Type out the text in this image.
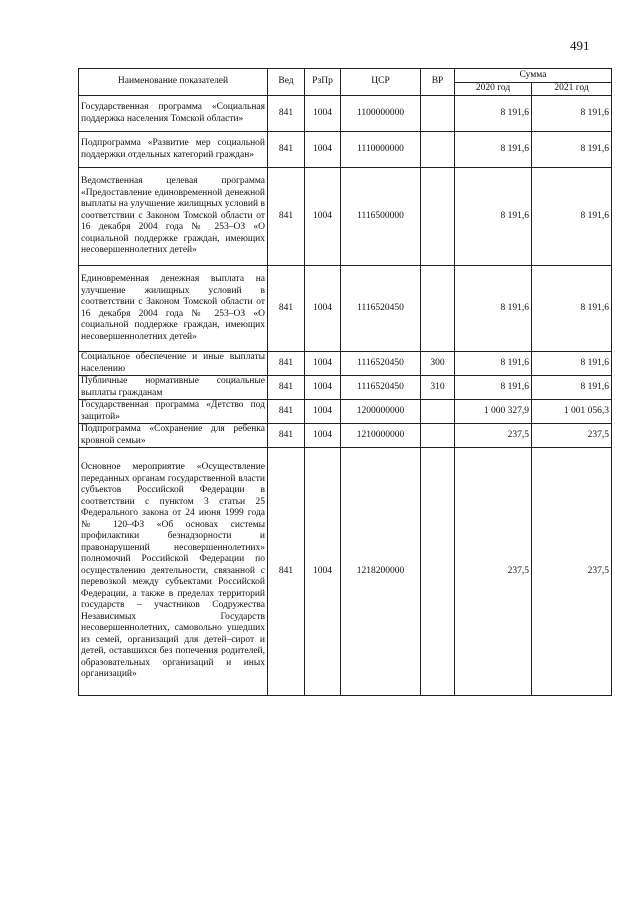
491
Наименование показателей	Вед	РзПр	ЦСР	ВР	Сумма	
					2020 год	2021 год
Государственная программа «Социальная поддержка населения Томской области»	841	1004	1100000000		8 191,6	8 191,6
Подпрограмма «Развитие мер социальной поддержки отдельных категорий граждан»	841	1004	1110000000		8 191,6	8 191,6
Ведомственная целевая программа «Предоставление единовременной денежной выплаты на улучшение жилищных условий в соответствии с Законом Томской области от 16 декабря 2004 года № 253–ОЗ «О социальной поддержке граждан, имеющих несовершеннолетних детей»	841	1004	1116500000		8 191,6	8 191,6
Единовременная денежная выплата на улучшение жилищных условий в соответствии с Законом Томской области от 16 декабря 2004 года № 253–ОЗ «О социальной поддержке граждан, имеющих несовершеннолетних детей»	841	1004	1116520450		8 191,6	8 191,6
Социальное обеспечение и иные выплаты населению	841	1004	1116520450	300	8 191,6	8 191,6
Публичные нормативные социальные выплаты гражданам	841	1004	1116520450	310	8 191,6	8 191,6
Государственная программа «Детство под защитой»	841	1004	1200000000		1 000 327,9	1 001 056,3
Подпрограмма «Сохранение для ребенка кровной семьи»	841	1004	1210000000		237,5	237,5
Основное мероприятие «Осуществление переданных органам государственной власти субъектов Российской Федерации в соответствии с пунктом 3 статьи 25 Федерального закона от 24 июня 1999 года № 120–ФЗ «Об основах системы профилактики безнадзорности и правонарушений несовершеннолетних» полномочий Российской Федерации по осуществлению деятельности, связанной с перевозкой между субъектами Российской Федерации, а также в пределах территорий государств – участников Содружества Независимых Государств несовершеннолетних, самовольно ушедших из семей, организаций для детей–сирот и детей, оставшихся без попечения родителей, образовательных организаций и иных организаций»	841	1004	1218200000		237,5	237,5
